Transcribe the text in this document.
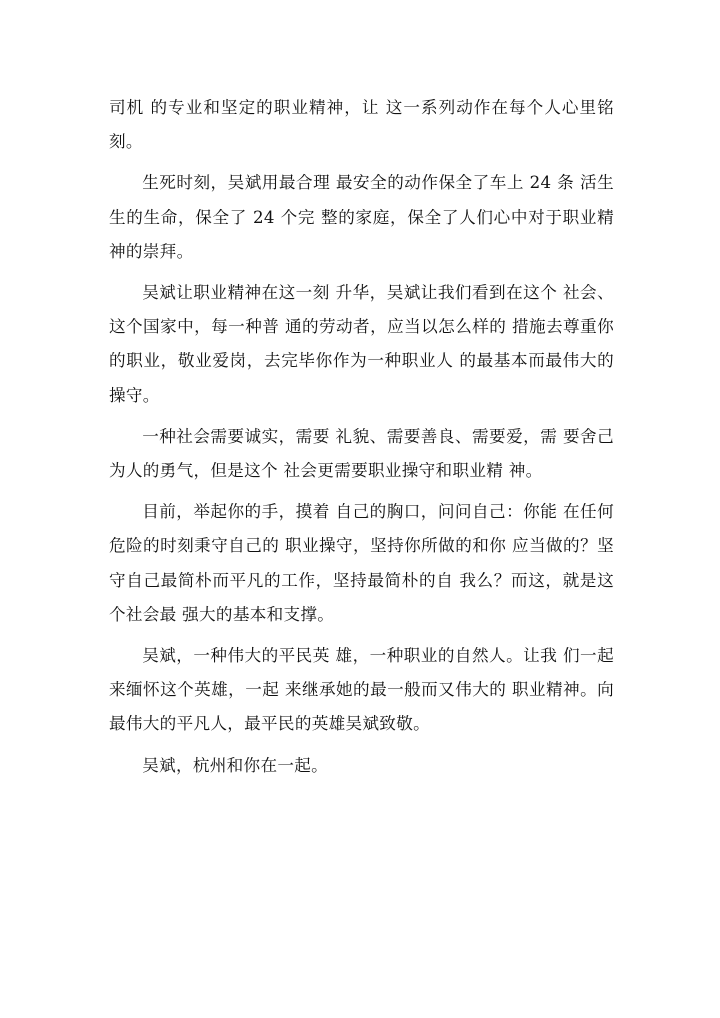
司机 的专业和坚定的职业精神，让 这一系列动作在每个人心里铭刻。

生死时刻，吴斌用最合理 最安全的动作保全了车上 24 条 活生生的生命，保全了 24 个完 整的家庭，保全了人们心中对于职业精神的崇拜。

吴斌让职业精神在这一刻 升华，吴斌让我们看到在这个 社会、这个国家中，每一种普 通的劳动者，应当以怎么样的 措施去尊重你的职业，敬业爱岗，去完毕你作为一种职业人 的最基本而最伟大的操守。

一种社会需要诚实，需要 礼貌、需要善良、需要爱，需 要舍己为人的勇气，但是这个 社会更需要职业操守和职业精 神。

目前，举起你的手，摸着 自己的胸口，问问自己：你能 在任何危险的时刻秉守自己的 职业操守，坚持你所做的和你 应当做的？坚守自己最简朴而平凡的工作，坚持最简朴的自 我么？而这，就是这个社会最 强大的基本和支撑。

吴斌，一种伟大的平民英 雄，一种职业的自然人。让我 们一起来缅怀这个英雄，一起 来继承她的最一般而又伟大的 职业精神。向最伟大的平凡人，最平民的英雄吴斌致敬。

吴斌，杭州和你在一起。
